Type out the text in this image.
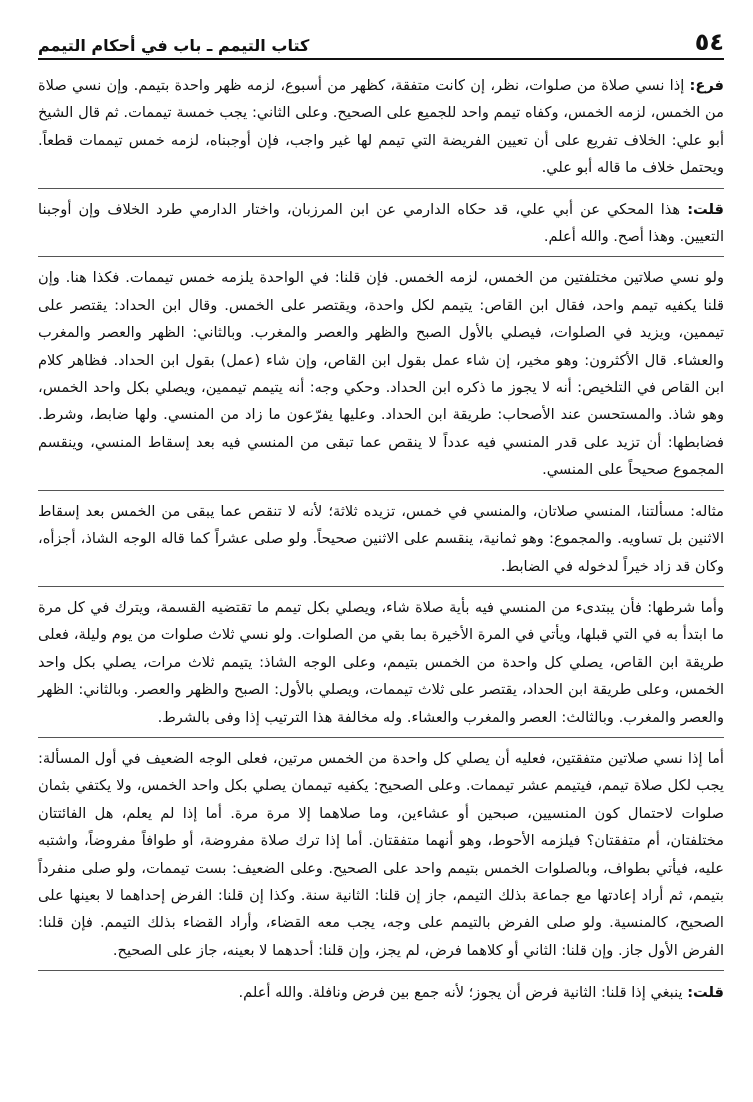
٥٤
كتاب التيمم ـ باب في أحكام التيمم

فرع: إذا نسي صلاة من صلوات، نظر، إن كانت متفقة، كظهر من أسبوع، لزمه ظهر واحدة بتيمم. وإن نسي صلاة من الخمس، لزمه الخمس، وكفاه تيمم واحد للجميع على الصحيح. وعلى الثاني: يجب خمسة تيممات. ثم قال الشيخ أبو علي: الخلاف تفريع على أن تعيين الفريضة التي تيمم لها غير واجب، فإن أوجبناه، لزمه خمس تيممات قطعاً. ويحتمل خلاف ما قاله أبو علي.

قلت: هذا المحكي عن أبي علي، قد حكاه الدارمي عن ابن المرزبان، واختار الدارمي طرد الخلاف وإن أوجبنا التعيين. وهذا أصح. والله أعلم.

ولو نسي صلاتين مختلفتين من الخمس، لزمه الخمس. فإن قلنا: في الواحدة يلزمه خمس تيممات. فكذا هنا. وإن قلنا يكفيه تيمم واحد، فقال ابن القاص: يتيمم لكل واحدة، ويقتصر على الخمس. وقال ابن الحداد: يقتصر على تيممين، ويزيد في الصلوات، فيصلي بالأول الصبح والظهر والعصر والمغرب. وبالثاني: الظهر والعصر والمغرب والعشاء. قال الأكثرون: وهو مخير، إن شاء عمل بقول ابن القاص، وإن شاء (عمل) بقول ابن الحداد. فظاهر كلام ابن القاص في التلخيص: أنه لا يجوز ما ذكره ابن الحداد. وحكي وجه: أنه يتيمم تيممين، ويصلي بكل واحد الخمس، وهو شاذ. والمستحسن عند الأصحاب: طريقة ابن الحداد. وعليها يفرّعون ما زاد من المنسي. ولها ضابط، وشرط. فضابطها: أن تزيد على قدر المنسي فيه عدداً لا ينقص عما تبقى من المنسي فيه بعد إسقاط المنسي، وينقسم المجموع صحيحاً على المنسي.

مثاله: مسألتنا، المنسي صلاتان، والمنسي في خمس، تزيده ثلاثة؛ لأنه لا تنقص عما يبقى من الخمس بعد إسقاط الاثنين بل تساويه. والمجموع: وهو ثمانية، ينقسم على الاثنين صحيحاً. ولو صلى عشراً كما قاله الوجه الشاذ، أجزأه، وكان قد زاد خيراً لدخوله في الضابط.

وأما شرطها: فأن يبتدىء من المنسي فيه بأية صلاة شاء، ويصلي بكل تيمم ما تقتضيه القسمة، ويترك في كل مرة ما ابتدأ به في التي قبلها، ويأتي في المرة الأخيرة بما بقي من الصلوات. ولو نسي ثلاث صلوات من يوم وليلة، فعلى طريقة ابن القاص، يصلي كل واحدة من الخمس بتيمم، وعلى الوجه الشاذ: يتيمم ثلاث مرات، يصلي بكل واحد الخمس، وعلى طريقة ابن الحداد، يقتصر على ثلاث تيممات، ويصلي بالأول: الصبح والظهر والعصر. وبالثاني: الظهر والعصر والمغرب. وبالثالث: العصر والمغرب والعشاء. وله مخالفة هذا الترتيب إذا وفى بالشرط.

أما إذا نسي صلاتين متفقتين، فعليه أن يصلي كل واحدة من الخمس مرتين، فعلى الوجه الضعيف في أول المسألة: يجب لكل صلاة تيمم، فيتيمم عشر تيممات. وعلى الصحيح: يكفيه تيممان يصلي بكل واحد الخمس، ولا يكتفي بثمان صلوات لاحتمال كون المنسيين، صبحين أو عشاءين، وما صلاهما إلا مرة مرة. أما إذا لم يعلم، هل الفائتتان مختلفتان، أم متفقتان؟ فيلزمه الأحوط، وهو أنهما متفقتان. أما إذا ترك صلاة مفروضة، أو طوافاً مفروضاً، واشتبه عليه، فيأتي بطواف، وبالصلوات الخمس بتيمم واحد على الصحيح. وعلى الضعيف: بست تيممات، ولو صلى منفرداً بتيمم، ثم أراد إعادتها مع جماعة بذلك التيمم، جاز إن قلنا: الثانية سنة. وكذا إن قلنا: الفرض إحداهما لا بعينها على الصحيح، كالمنسية. ولو صلى الفرض بالتيمم على وجه، يجب معه القضاء، وأراد القضاء بذلك التيمم. فإن قلنا: الفرض الأول جاز. وإن قلنا: الثاني أو كلاهما فرض، لم يجز، وإن قلنا: أحدهما لا بعينه، جاز على الصحيح.

قلت: ينبغي إذا قلنا: الثانية فرض أن يجوز؛ لأنه جمع بين فرض ونافلة. والله أعلم.
